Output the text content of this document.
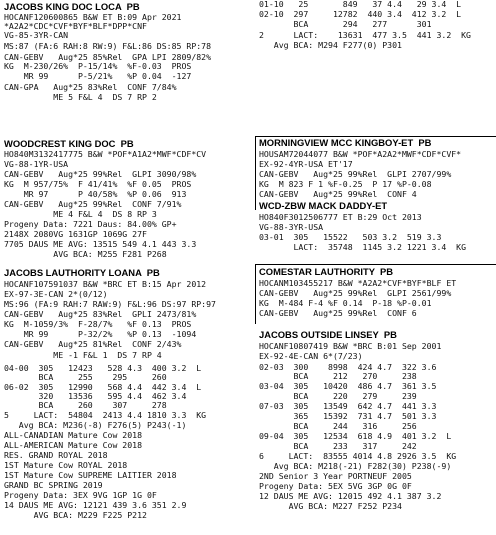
JACOBS KING DOC LOCA  PB
HOCANF120600865 B&W ET B:09 Apr 2021
*A2A2*CDC*CVF*BYF*BLF*DPP*CNF
VG-85-3YR-CAN
MS:87 (FA:6 RAH:8 RW:9) F&L:86 DS:85 RP:78
CAN-GEBV   Aug*25 85%Rel  GPA LPI 2809/82%
KG  M-230/26%  P-15/14%  %F-0.03  PROS
MR 99      P-5/21%   %P 0.04  -127
CAN-GPA   Aug*25 83%Rel  CONF 7/84%
ME 5 F&L 4  DS 7 RP 2
WOODCREST KING DOC  PB
HO840M3132417775 B&W *POF*A1A2*MWF*CDF*CV
VG-88-1YR-USA
CAN-GEBV   Aug*25 99%Rel  GLPI 3090/98%
KG  M 957/75%  F 41/41%  %F 0.05  PROS
MR 97      P 40/58%  %P 0.06  913
CAN-GEBV   Aug*25 99%Rel  CONF 7/91%
ME 4 F&L 4  DS 8 RP 3
Progeny Data: 7221 Daus: 84.00% GP+
2148X 2080VG 1631GP 1069G 27F
7705 DAUS ME AVG: 13515 549 4.1 443 3.3
AVG BCA: M255 F281 P268
JACOBS LAUTHORITY LOANA  PB
HOCANF107591037 B&W *BRC ET B:15 Apr 2012
EX-97-3E-CAN 2*(0/12)
MS:96 (FA:9 RAH:7 RAW:9) F&L:96 DS:97 RP:97
CAN-GEBV   Aug*25 83%Rel  GPLI 2473/81%
KG  M-1059/3%  F-28/7%   %F 0.13  PROS
MR 99      P-32/2%   %P 0.13  -1094
CAN-GEBV   Aug*25 81%Rel  CONF 2/43%
ME -1 F&L 1  DS 7 RP 4
04-00  305   12423   528 4.3  400 3.2  L
BCA     255    295     260
06-02  305   12990   568 4.4  442 3.4  L
320   13536   595 4.4  462 3.4
BCA     260    307     278
5     LACT:  54804  2413 4.4 1810 3.3  KG
Avg BCA: M236(-8) F276(5) P243(-1)
ALL-CANADIAN Mature Cow 2018
ALL-AMERICAN Mature Cow 2018
RES. GRAND ROYAL 2018
1ST Mature Cow ROYAL 2018
1ST Mature Cow SUPREME LAITIER 2018
GRAND BC SPRING 2019
Progeny Data: 3EX 9VG 1GP 1G 0F
14 DAUS ME AVG: 12121 439 3.6 351 2.9
AVG BCA: M229 F225 P212
01-10   25       849   37 4.4   29 3.4  L
02-10  297     12782  440 3.4  412 3.2  L
BCA       294   277      301
2      LACT:    13631  477 3.5  441 3.2  KG
Avg BCA: M294 F277(0) P301
MORNINGVIEW MCC KINGBOY-ET  PB
HOUSAM72044077 B&W *POF*A2A2*MWF*CDF*CVF*
EX-92-4YR-USA ET'17
CAN-GEBV   Aug*25 99%Rel  GLPI 2707/99%
KG  M 823 F 1 %F-0.25  P 17 %P-0.08
CAN-GEBV   Aug*25 99%Rel  CONF 4
WCD-ZBW MACK DADDY-ET
HO840F3012506777 ET B:29 Oct 2013
VG-88-3YR-USA
03-01  305   15522   503 3.2  519 3.3
LACT:  35748  1145 3.2 1221 3.4  KG
COMESTAR LAUTHORITY  PB
HOCANM103455217 B&W *A2A2*CVF*BYF*BLF ET
CAN-GEBV   Aug*25 99%Rel  GLPI 2561/99%
KG  M-484 F-4 %F 0.14  P-18 %P-0.01
CAN-GEBV   Aug*25 99%Rel  CONF 6
JACOBS OUTSIDE LINSEY  PB
HOCANF10807419 B&W *BRC B:01 Sep 2001
EX-92-4E-CAN 6*(7/23)
02-03  300    8998  424 4.7  322 3.6
BCA     212   270     238
03-04  305   10420  486 4.7  361 3.5
BCA     220   279     239
07-03  305   13549  642 4.7  441 3.3
365   15392  731 4.7  501 3.3
BCA     244   316     256
09-04  305   12534  618 4.9  401 3.2  L
BCA     233   317     242
6     LACT:  83555 4014 4.8 2926 3.5  KG
Avg BCA: M218(-21) F282(30) P238(-9)
2ND Senior 3 Year PORTNEUF 2005
Progeny Data: 5EX 5VG 3GP 0G 0F
12 DAUS ME AVG: 12015 492 4.1 387 3.2
AVG BCA: M227 F252 P234
